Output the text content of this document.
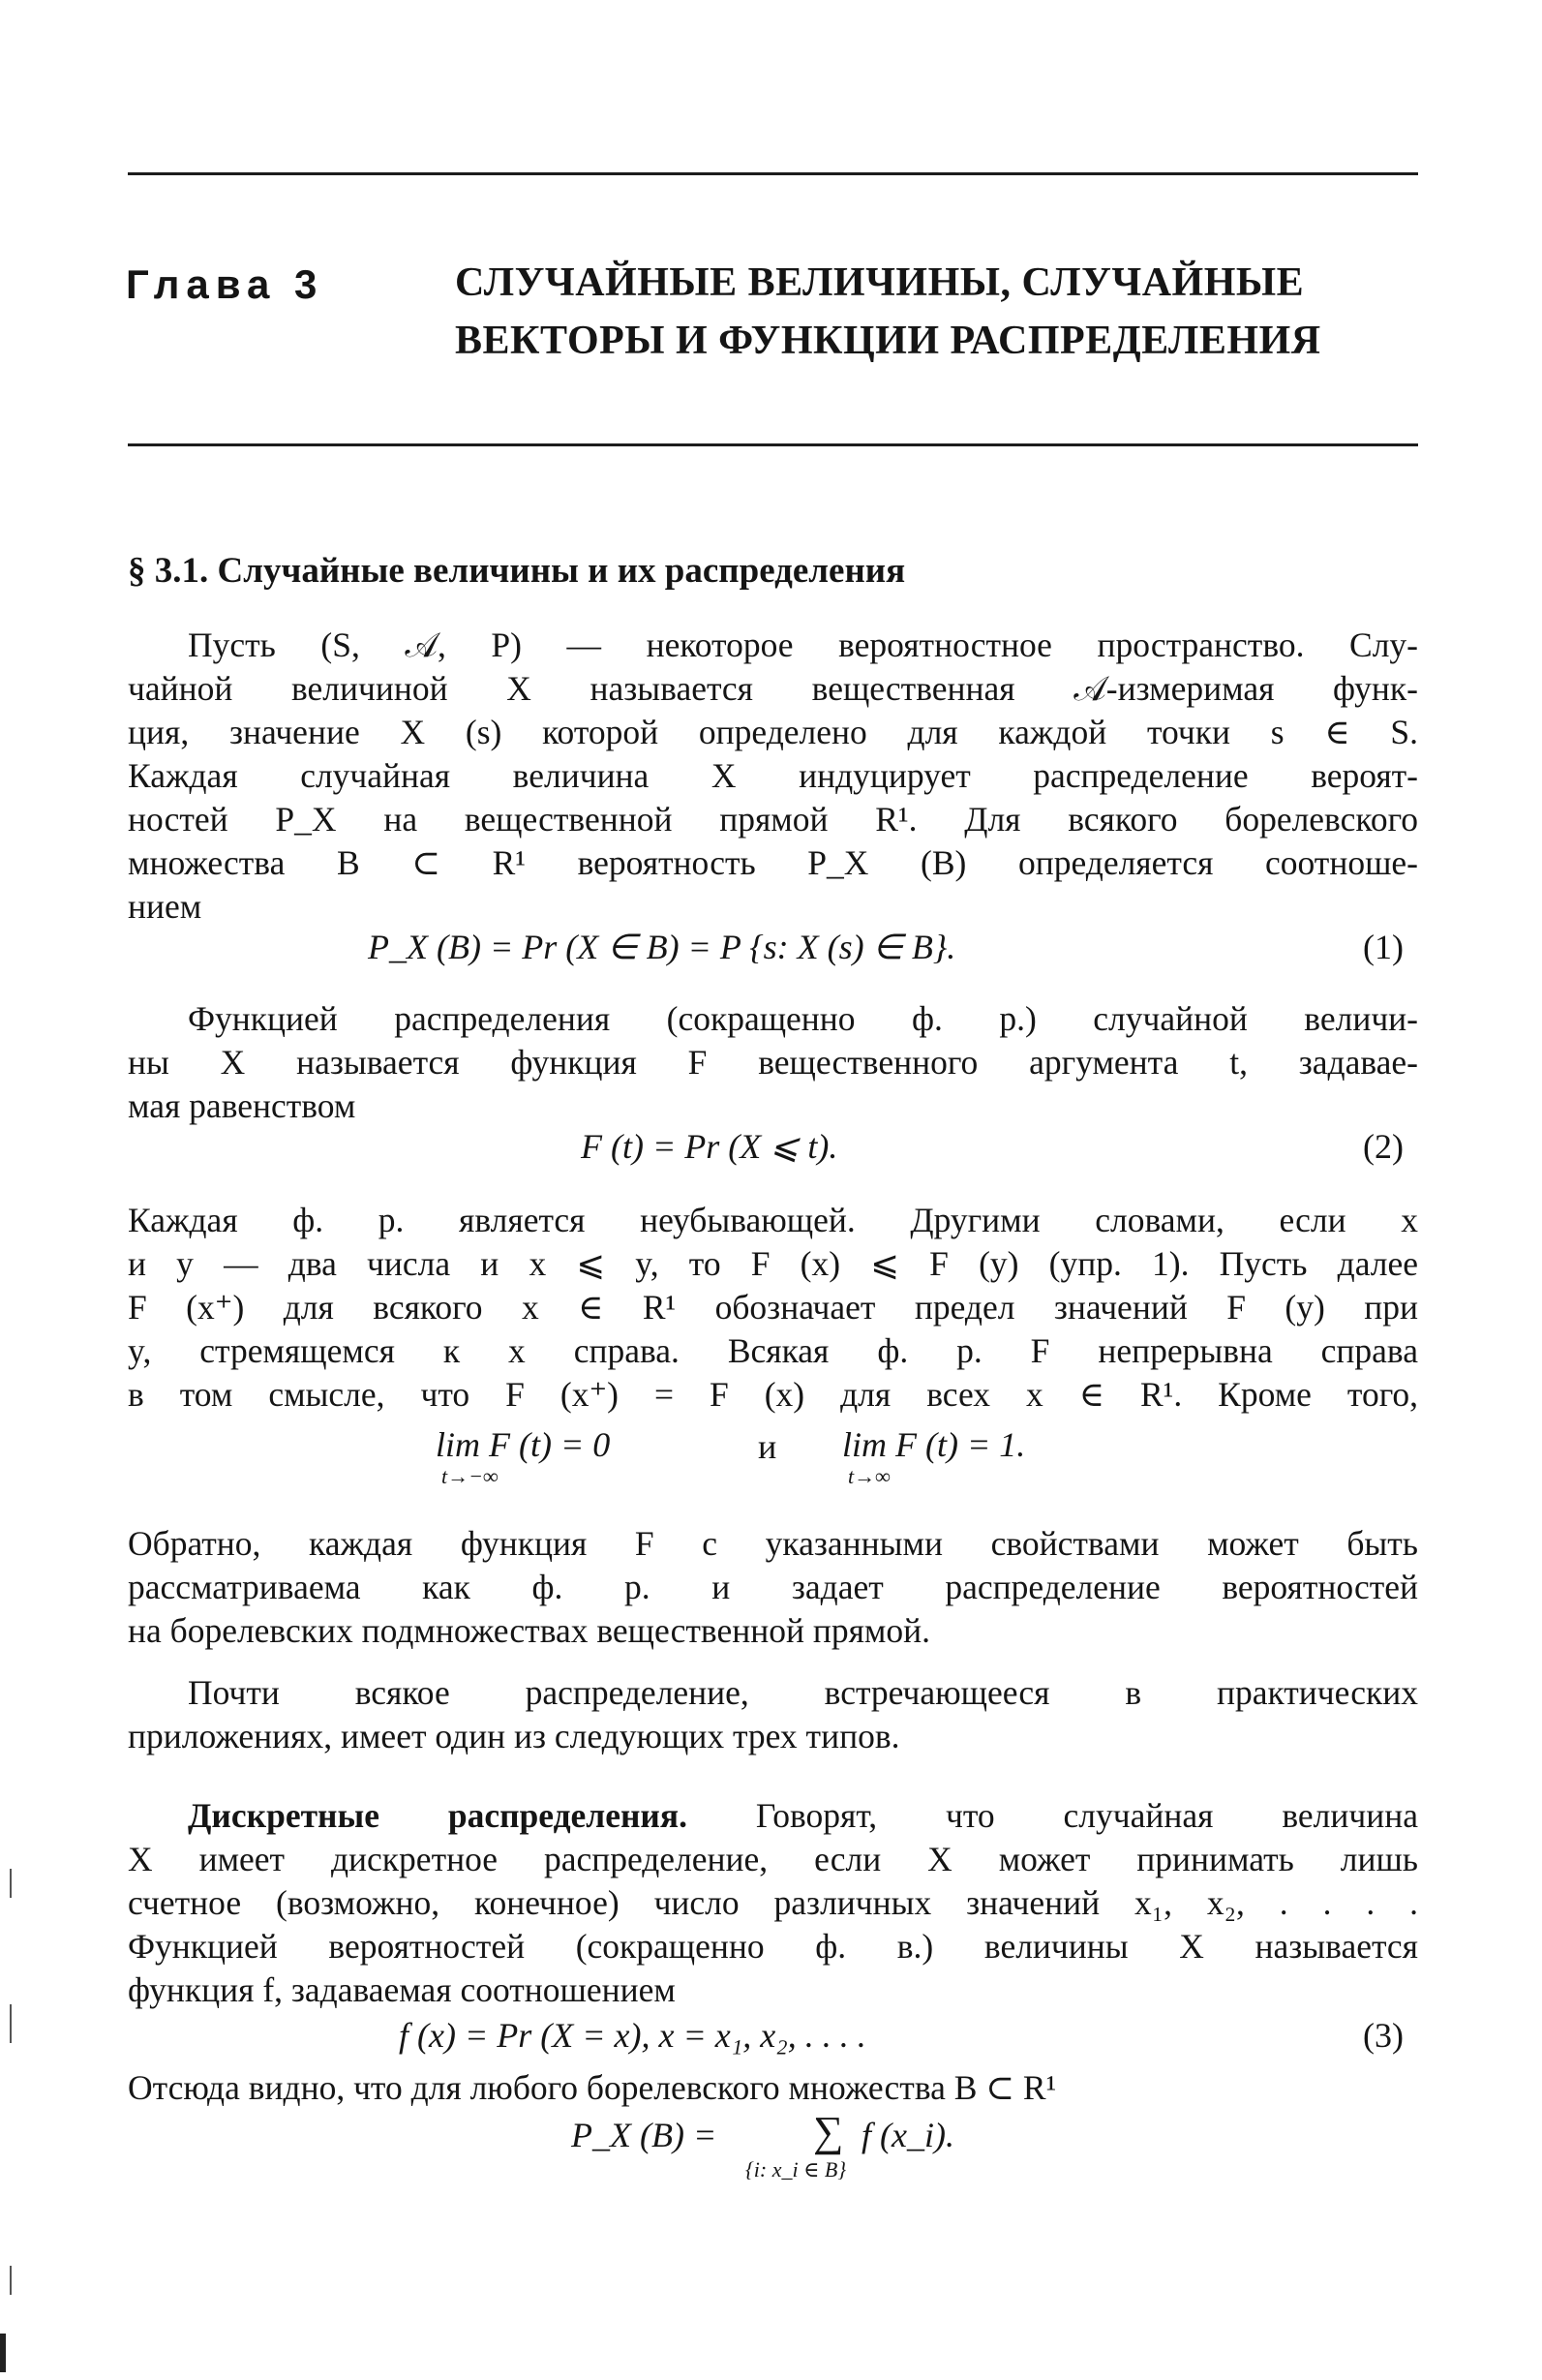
Глава 3	СЛУЧАЙНЫЕ ВЕЛИЧИНЫ, СЛУЧАЙНЫЕ
ВЕКТОРЫ И ФУНКЦИИ РАСПРЕДЕЛЕНИЯ
§ 3.1. Случайные величины и их распределения
Пусть (S, 𝒜, P) — некоторое вероятностное пространство. Слу-
чайной величиной X называется вещественная 𝒜-измеримая функ-
ция, значение X (s) которой определено для каждой точки s ∈ S.
Каждая случайная величина X индуцирует распределение вероят-
ностей P_X на вещественной прямой R¹. Для всякого борелевского
множества B ⊂ R¹ вероятность P_X (B) определяется соотноше-
нием
P_X (B) = Pr (X ∈ B) = P {s: X (s) ∈ B}.	(1)
Функцией распределения (сокращенно ф. р.) случайной величи-
ны X называется функция F вещественного аргумента t, задавае-
мая равенством
F (t) = Pr (X ⩽ t).	(2)
Каждая ф. р. является неубывающей. Другими словами, если x
и y — два числа и x ⩽ y, то F (x) ⩽ F (y) (упр. 1). Пусть далее
F (x⁺) для всякого x ∈ R¹ обозначает предел значений F (y) при
y, стремящемся к x справа. Всякая ф. р. F непрерывна справа
в том смысле, что F (x⁺) = F (x) для всех x ∈ R¹. Кроме того,
lim F (t) = 0
t→−∞
и lim F (t) = 1.
t→∞
Обратно, каждая функция F с указанными свойствами может быть
рассматриваема как ф. р. и задает распределение вероятностей
на борелевских подмножествах вещественной прямой.
Почти всякое распределение, встречающееся в практических
приложениях, имеет один из следующих трех типов.
Дискретные распределения. Говорят, что случайная величина
X имеет дискретное распределение, если X может принимать лишь
счетное (возможно, конечное) число различных значений x₁, x₂, . . . .
Функцией вероятностей (сокращенно ф. в.) величины X называется
функция f, задаваемая соотношением
f (x) = Pr (X = x), x = x₁, x₂, . . . .	(3)
Отсюда видно, что для любого борелевского множества B ⊂ R¹
P_X (B) = ∑
{i: x_i ∈ B}
f (x_i).
